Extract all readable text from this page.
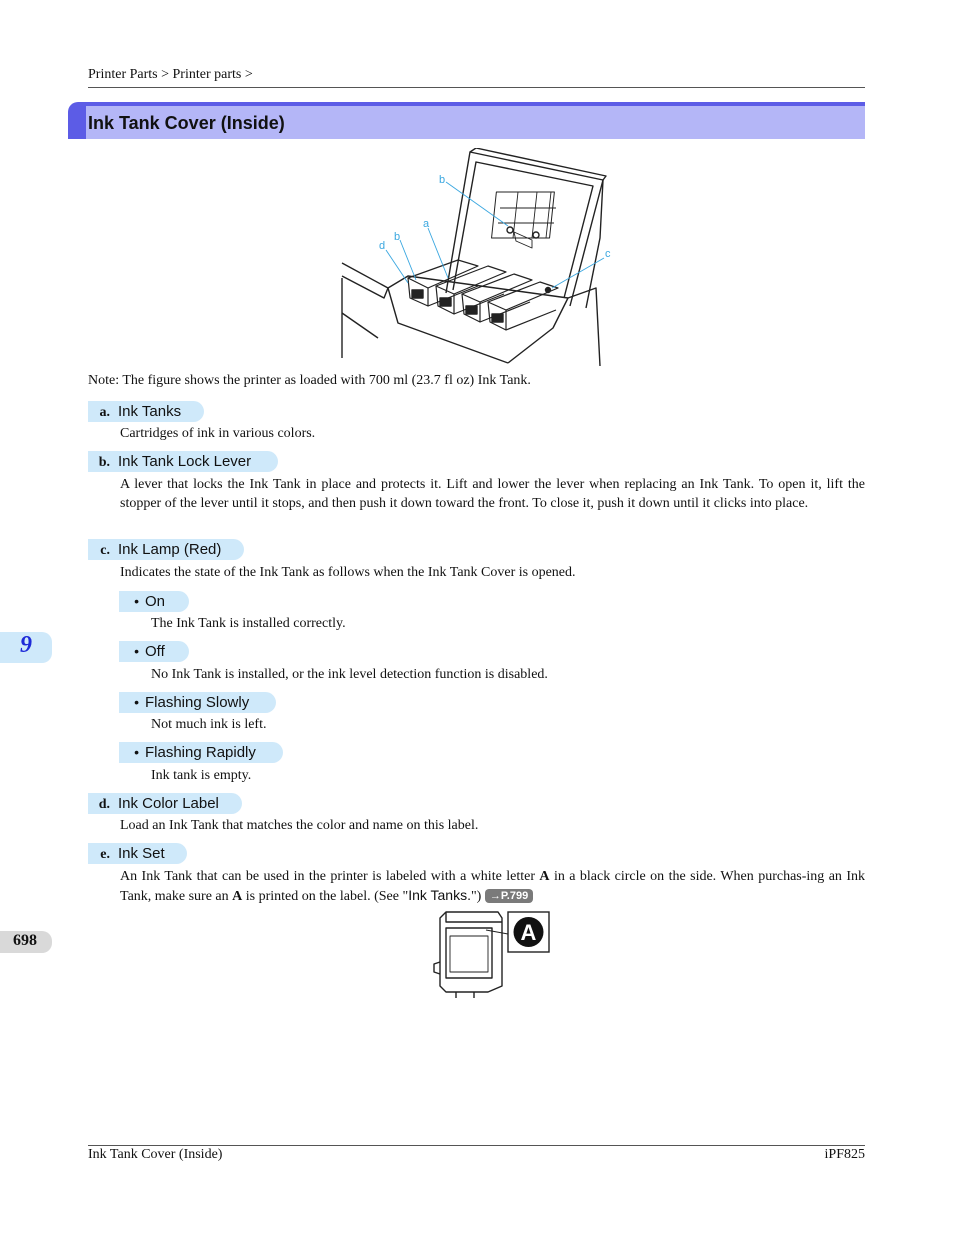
Printer Parts > Printer parts >
Ink Tank Cover (Inside)
b
a
b
d
c
Note: The figure shows the printer as loaded with 700 ml (23.7 fl oz) Ink Tank.
a. Ink Tanks
Cartridges of ink in various colors.
b. Ink Tank Lock Lever
A lever that locks the Ink Tank in place and protects it. Lift and lower the lever when replacing an Ink Tank. To open it, lift the stopper of the lever until it stops, and then push it down toward the front. To close it, push it down until it clicks into place.
c. Ink Lamp (Red)
Indicates the state of the Ink Tank as follows when the Ink Tank Cover is opened.
• On
The Ink Tank is installed correctly.
• Off
No Ink Tank is installed, or the ink level detection function is disabled.
• Flashing Slowly
Not much ink is left.
• Flashing Rapidly
Ink tank is empty.
d. Ink Color Label
Load an Ink Tank that matches the color and name on this label.
e. Ink Set
An Ink Tank that can be used in the printer is labeled with a white letter A in a black circle on the side. When purchas-ing an Ink Tank, make sure an A is printed on the label. (See "Ink Tanks.") →P.799
A
9
698
Ink Tank Cover (Inside)	iPF825
